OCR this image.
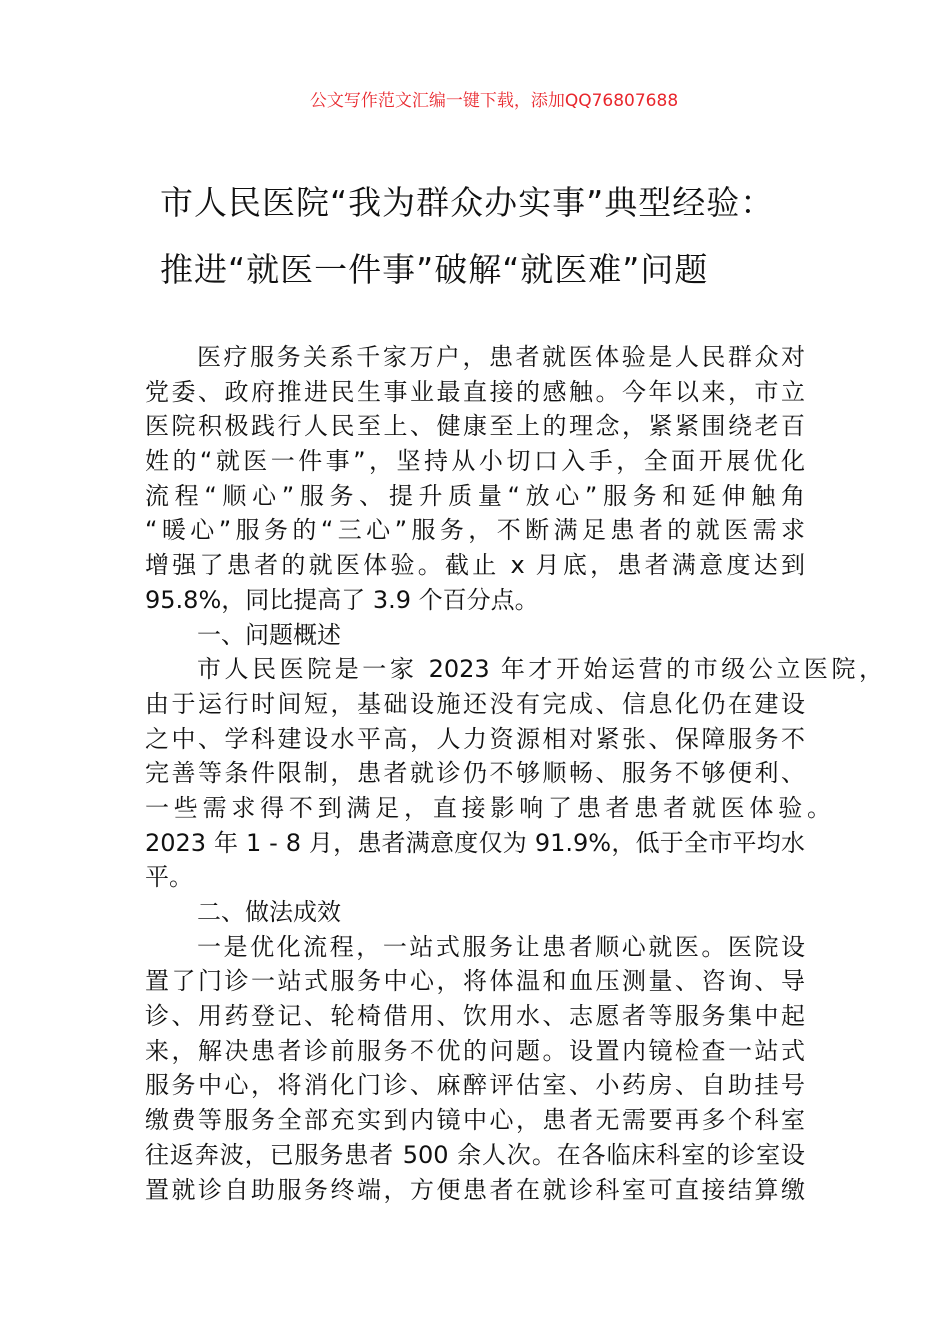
公文写作范文汇编一键下载，添加QQ76807688
市人民医院“我为群众办实事”典型经验：
推进“就医一件事”破解“就医难”问题
医疗服务关系千家万户，患者就医体验是人民群众对
党委、政府推进民生事业最直接的感触。今年以来，市立
医院积极践行人民至上、健康至上的理念，紧紧围绕老百
姓的“就医一件事”，坚持从小切口入手，全面开展优化
流程“顺心”服务、提升质量“放心”服务和延伸触角
“暖心”服务的“三心”服务，不断满足患者的就医需求
增强了患者的就医体验。截止 x 月底，患者满意度达到
95.8%，同比提高了 3.9 个百分点。
一、问题概述
市人民医院是一家 2023 年才开始运营的市级公立医院，
由于运行时间短，基础设施还没有完成、信息化仍在建设
之中、学科建设水平高，人力资源相对紧张、保障服务不
完善等条件限制，患者就诊仍不够顺畅、服务不够便利、
一些需求得不到满足，直接影响了患者患者就医体验。
2023 年 1 - 8 月，患者满意度仅为 91.9%，低于全市平均水
平。
二、做法成效
一是优化流程，一站式服务让患者顺心就医。医院设
置了门诊一站式服务中心，将体温和血压测量、咨询、导
诊、用药登记、轮椅借用、饮用水、志愿者等服务集中起
来，解决患者诊前服务不优的问题。设置内镜检查一站式
服务中心，将消化门诊、麻醉评估室、小药房、自助挂号
缴费等服务全部充实到内镜中心，患者无需要再多个科室
往返奔波，已服务患者 500 余人次。在各临床科室的诊室设
置就诊自助服务终端，方便患者在就诊科室可直接结算缴
